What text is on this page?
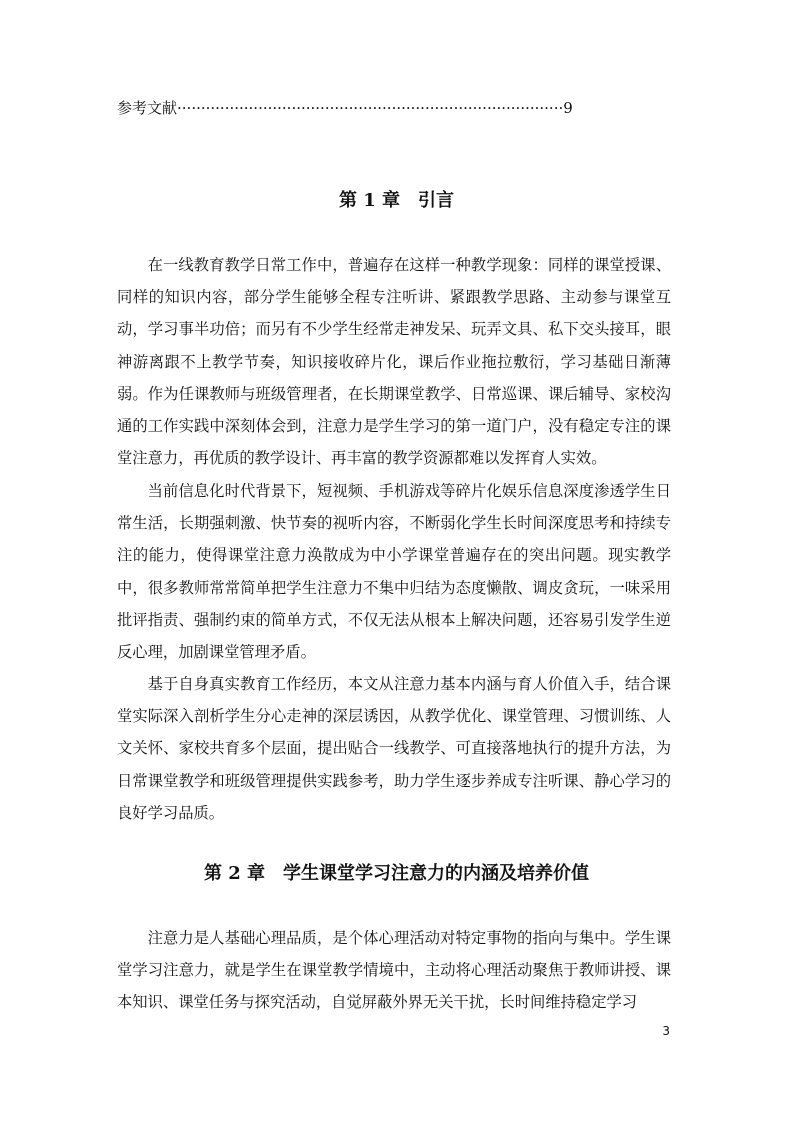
参考文献·················································································9
第 1 章　引言

在一线教育教学日常工作中，普遍存在这样一种教学现象：同样的课堂授课、同样的知识内容，部分学生能够全程专注听讲、紧跟教学思路、主动参与课堂互动，学习事半功倍；而另有不少学生经常走神发呆、玩弄文具、私下交头接耳，眼神游离跟不上教学节奏，知识接收碎片化，课后作业拖拉敷衍，学习基础日渐薄弱。作为任课教师与班级管理者，在长期课堂教学、日常巡课、课后辅导、家校沟通的工作实践中深刻体会到，注意力是学生学习的第一道门户，没有稳定专注的课堂注意力，再优质的教学设计、再丰富的教学资源都难以发挥育人实效。

当前信息化时代背景下，短视频、手机游戏等碎片化娱乐信息深度渗透学生日常生活，长期强刺激、快节奏的视听内容，不断弱化学生长时间深度思考和持续专注的能力，使得课堂注意力涣散成为中小学课堂普遍存在的突出问题。现实教学中，很多教师常常简单把学生注意力不集中归结为态度懒散、调皮贪玩，一味采用批评指责、强制约束的简单方式，不仅无法从根本上解决问题，还容易引发学生逆反心理，加剧课堂管理矛盾。

基于自身真实教育工作经历，本文从注意力基本内涵与育人价值入手，结合课堂实际深入剖析学生分心走神的深层诱因，从教学优化、课堂管理、习惯训练、人文关怀、家校共育多个层面，提出贴合一线教学、可直接落地执行的提升方法，为日常课堂教学和班级管理提供实践参考，助力学生逐步养成专注听课、静心学习的良好学习品质。

第 2 章　学生课堂学习注意力的内涵及培养价值

注意力是人基础心理品质，是个体心理活动对特定事物的指向与集中。学生课堂学习注意力，就是学生在课堂教学情境中，主动将心理活动聚焦于教师讲授、课本知识、课堂任务与探究活动，自觉屏蔽外界无关干扰，长时间维持稳定学习

3
